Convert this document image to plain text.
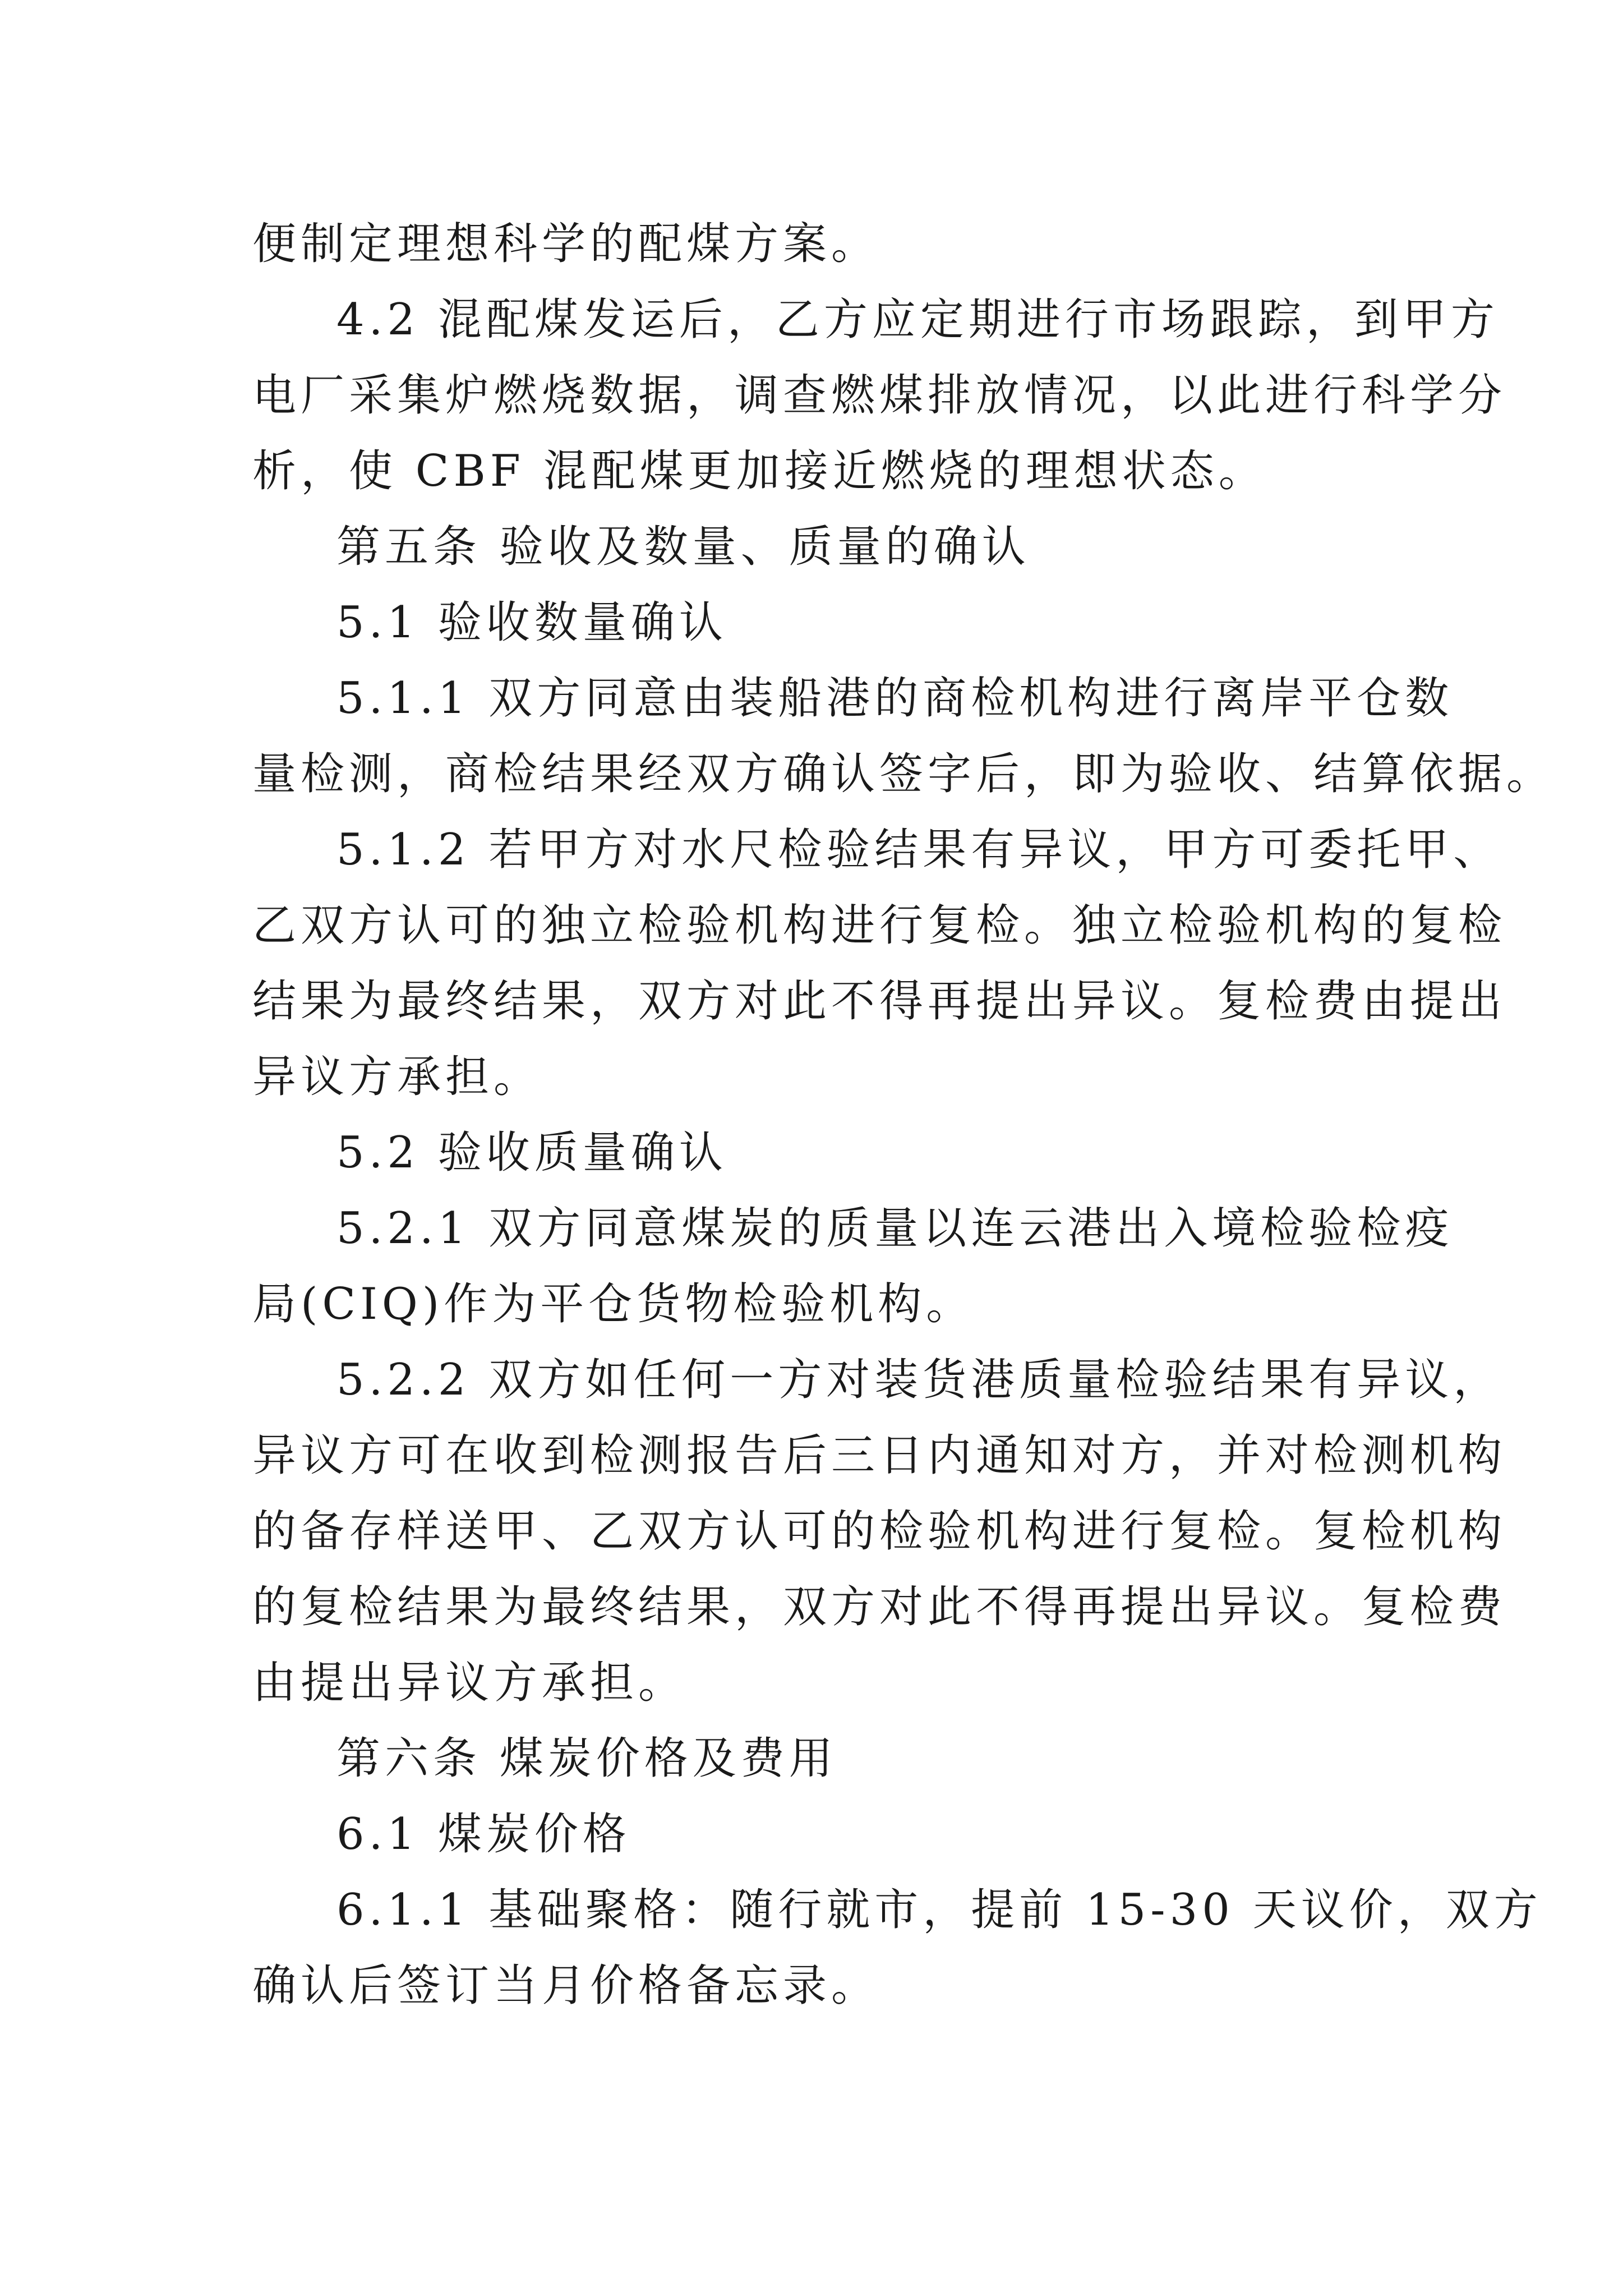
便制定理想科学的配煤方案。
4.2 混配煤发运后，乙方应定期进行市场跟踪，到甲方
电厂采集炉燃烧数据，调查燃煤排放情况，以此进行科学分
析，使 CBF 混配煤更加接近燃烧的理想状态。
第五条 验收及数量、质量的确认
5.1 验收数量确认
5.1.1 双方同意由装船港的商检机构进行离岸平仓数
量检测，商检结果经双方确认签字后，即为验收、结算依据。
5.1.2 若甲方对水尺检验结果有异议，甲方可委托甲、
乙双方认可的独立检验机构进行复检。独立检验机构的复检
结果为最终结果，双方对此不得再提出异议。复检费由提出
异议方承担。
5.2 验收质量确认
5.2.1 双方同意煤炭的质量以连云港出入境检验检疫
局(CIQ)作为平仓货物检验机构。
5.2.2 双方如任何一方对装货港质量检验结果有异议，
异议方可在收到检测报告后三日内通知对方，并对检测机构
的备存样送甲、乙双方认可的检验机构进行复检。复检机构
的复检结果为最终结果，双方对此不得再提出异议。复检费
由提出异议方承担。
第六条 煤炭价格及费用
6.1 煤炭价格
6.1.1 基础聚格：随行就市，提前 15-30 天议价，双方
确认后签订当月价格备忘录。
